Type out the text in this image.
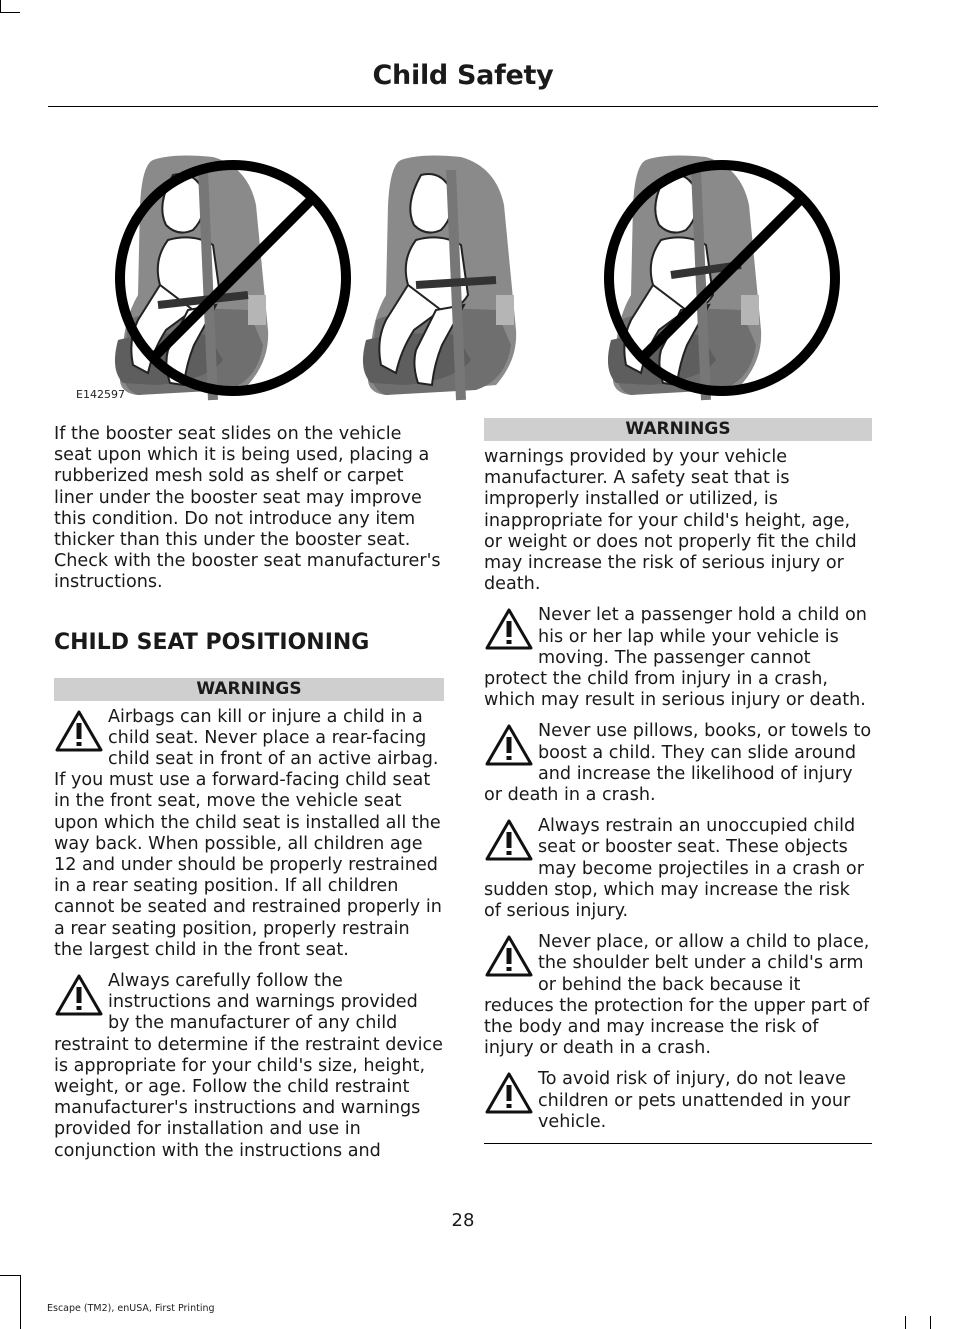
Child Safety
E142597

If the booster seat slides on the vehicle seat upon which it is being used, placing a rubberized mesh sold as shelf or carpet liner under the booster seat may improve this condition. Do not introduce any item thicker than this under the booster seat. Check with the booster seat manufacturer's instructions.

CHILD SEAT POSITIONING
WARNINGS
Airbags can kill or injure a child in a child seat. Never place a rear-facing child seat in front of an active airbag. If you must use a forward-facing child seat in the front seat, move the vehicle seat upon which the child seat is installed all the way back. When possible, all children age 12 and under should be properly restrained in a rear seating position. If all children cannot be seated and restrained properly in a rear seating position, properly restrain the largest child in the front seat.
Always carefully follow the instructions and warnings provided by the manufacturer of any child restraint to determine if the restraint device is appropriate for your child's size, height, weight, or age. Follow the child restraint manufacturer's instructions and warnings provided for installation and use in conjunction with the instructions and
WARNINGS

warnings provided by your vehicle manufacturer. A safety seat that is improperly installed or utilized, is inappropriate for your child's height, age, or weight or does not properly fit the child may increase the risk of serious injury or death.

Never let a passenger hold a child on his or her lap while your vehicle is moving. The passenger cannot protect the child from injury in a crash, which may result in serious injury or death.
Never use pillows, books, or towels to boost a child. They can slide around and increase the likelihood of injury or death in a crash.
Always restrain an unoccupied child seat or booster seat. These objects may become projectiles in a crash or sudden stop, which may increase the risk of serious injury.
Never place, or allow a child to place, the shoulder belt under a child's arm or behind the back because it reduces the protection for the upper part of the body and may increase the risk of injury or death in a crash.
To avoid risk of injury, do not leave children or pets unattended in your vehicle.
28
Escape (TM2), enUSA, First Printing
